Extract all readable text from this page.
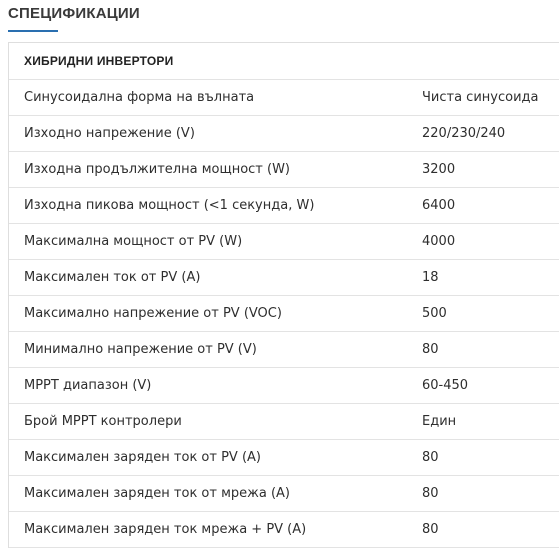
СПЕЦИФИКАЦИИ
ХИБРИДНИ ИНВЕРТОРИ
Синусоидална форма на вълната	Чиста синусоида
Изходно напрежение (V)	220/230/240
Изходна продължителна мощност (W)	3200
Изходна пикова мощност (<1 секунда, W)	6400
Максимална мощност от PV (W)	4000
Максимален ток от PV (A)	18
Максимално напрежение от PV (VOC)	500
Минимално напрежение от PV (V)	80
MPPT диапазон (V)	60-450
Брой MPPT контролери	Един
Максимален заряден ток от PV (A)	80
Максимален заряден ток от мрежа (A)	80
Максимален заряден ток мрежа + PV (A)	80
